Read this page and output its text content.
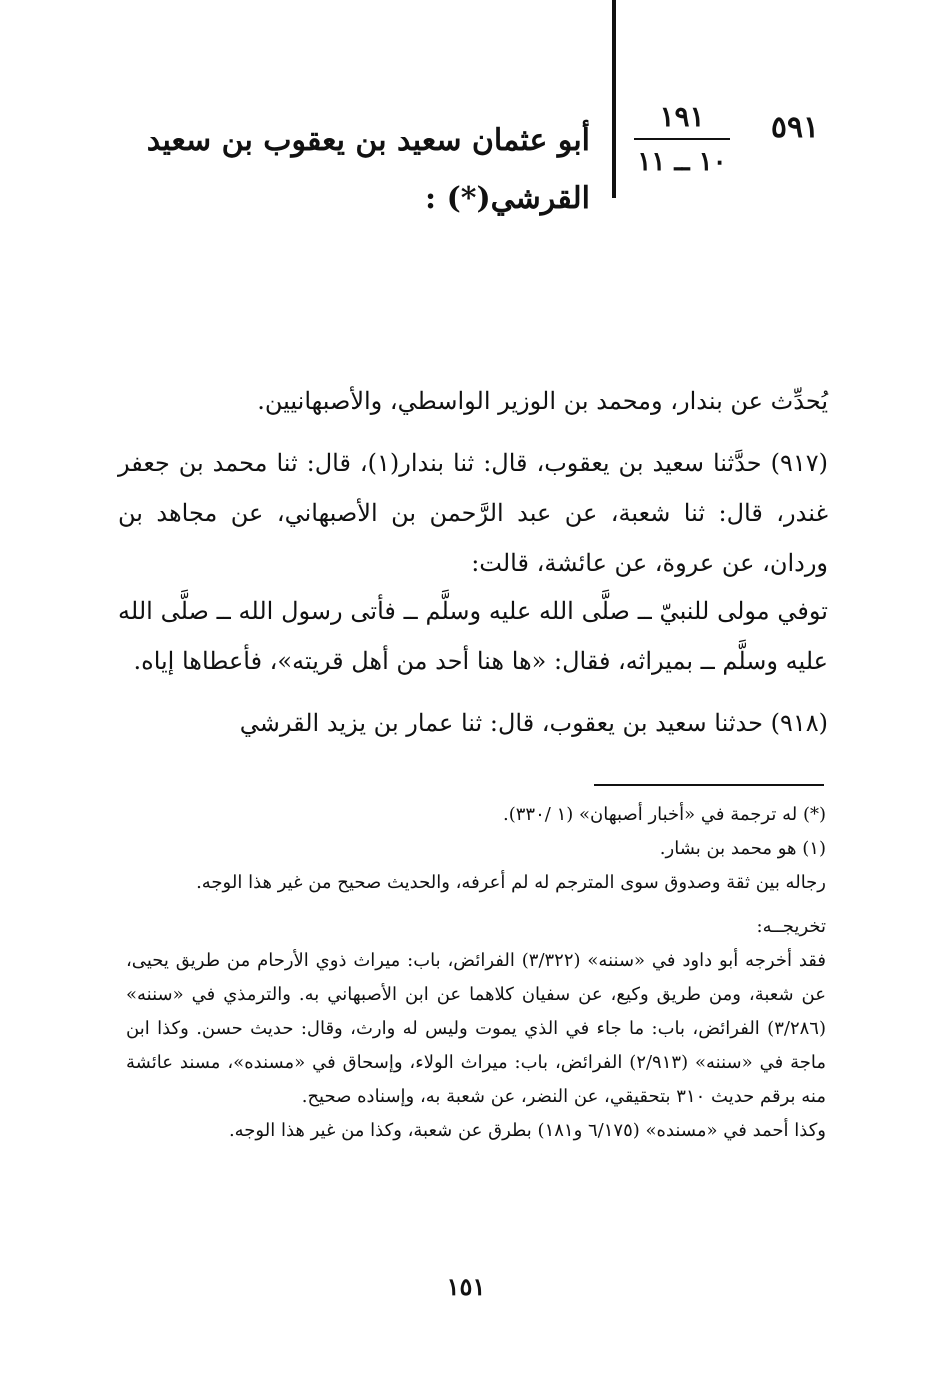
٥٩١
١٩١
١٠ ــ ١١
أبو عثمان سعيد بن يعقوب بن سعيد
القرشي(*) :
يُحدِّث عن بندار، ومحمد بن الوزير الواسطي، والأصبهانيين.
(٩١٧) حدَّثنا سعيد بن يعقوب، قال: ثنا بندار(١)، قال: ثنا محمد بن جعفر غندر، قال: ثنا شعبة، عن عبد الرَّحمن بن الأصبهاني، عن مجاهد بن وردان، عن عروة، عن عائشة، قالت:
توفي مولى للنبيّ ــ صلَّى الله عليه وسلَّم ــ فأتى رسول الله ــ صلَّى الله عليه وسلَّم ــ بميراثه، فقال: «ها هنا أحد من أهل قريته»، فأعطاها إياه.
(٩١٨) حدثنا سعيد بن يعقوب، قال: ثنا عمار بن يزيد القرشي
(*) له ترجمة في «أخبار أصبهان» (١ /٣٣٠).
(١) هو محمد بن بشار.
رجاله بين ثقة وصدوق سوى المترجم له لم أعرفه، والحديث صحيح من غير هذا الوجه.
تخريجــه:
فقد أخرجه أبو داود في «سننه» (٣/٣٢٢) الفرائض، باب: ميراث ذوي الأرحام من طريق يحيى، عن شعبة، ومن طريق وكيع، عن سفيان كلاهما عن ابن الأصبهاني به. والترمذي في «سننه» (٣/٢٨٦) الفرائض، باب: ما جاء في الذي يموت وليس له وارث، وقال: حديث حسن. وكذا ابن ماجة في «سننه» (٢/٩١٣) الفرائض، باب: ميراث الولاء، وإسحاق في «مسنده»، مسند عائشة منه برقم حديث ٣١٠ بتحقيقي، عن النضر، عن شعبة به، وإسناده صحيح.
وكذا أحمد في «مسنده» (٦/١٧٥ و١٨١) بطرق عن شعبة، وكذا من غير هذا الوجه.
١٥١
